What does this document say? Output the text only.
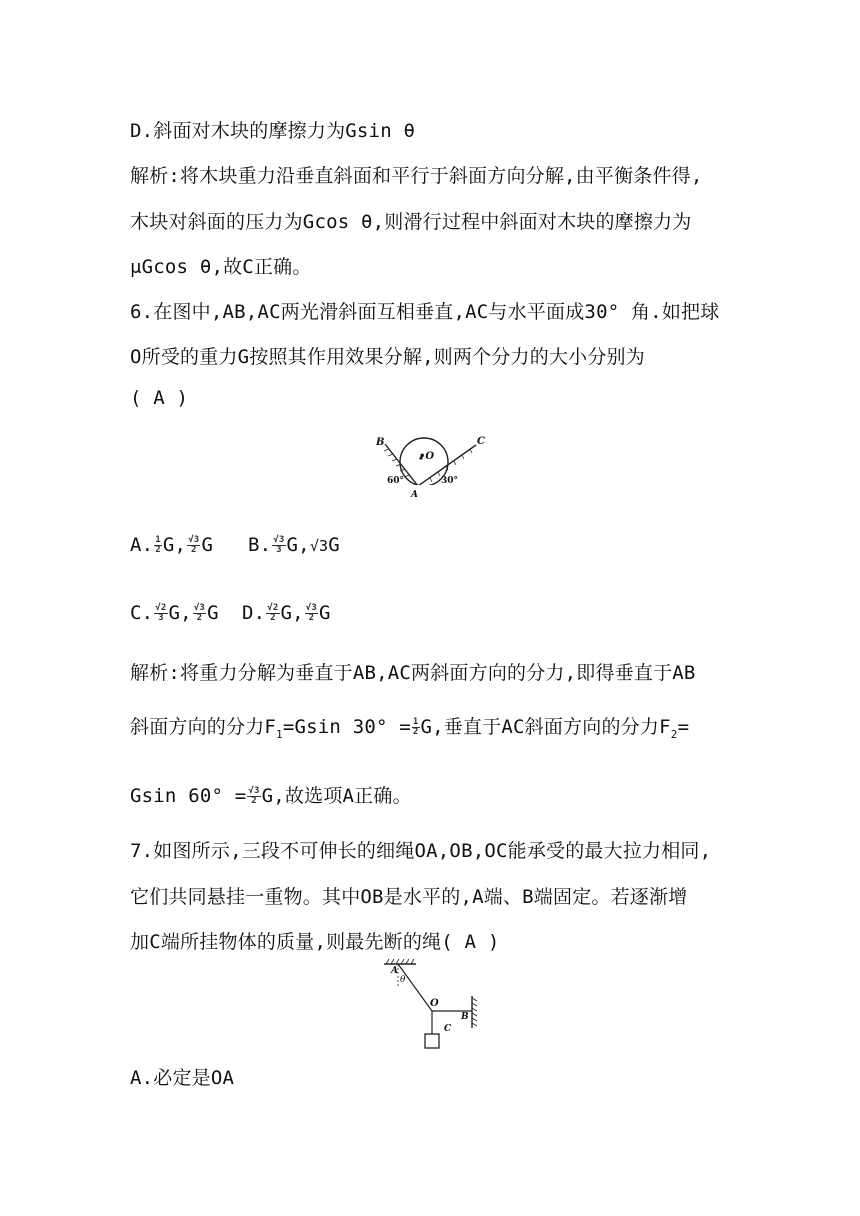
D.斜面对木块的摩擦力为Gsin θ
解析:将木块重力沿垂直斜面和平行于斜面方向分解,由平衡条件得,
木块对斜面的压力为Gcos θ,则滑行过程中斜面对木块的摩擦力为
μGcos θ,故C正确。
6.在图中,AB,AC两光滑斜面互相垂直,AC与水平面成30° 角.如把球
O所受的重力G按照其作用效果分解,则两个分力的大小分别为
( A )
B	C
•O
A
60°	30°
A. $\frac{1}{2} G$, $\frac{√3}{2}$ G B. $\frac{√3}{3} G,√3G$
C. $\frac{√2}{3} G$, $\frac{√3}{2}$ G D. $\frac{√2}{2} G$, $\frac{√3}{2}$ G
解析:将重力分解为垂直于AB,AC两斜面方向的分力,即得垂直于AB
斜面方向的分力$F_1=Gsin$ $30^\circ = \frac{1}{2} G$,垂直于AC斜面方向的分力$F_2=$
Gsin $60^\circ = \frac{√3}{2} G$,故选项A正确。
7.如图所示,三段不可伸长的细绳OA,OB,OC能承受的最大拉力相同,
它们共同悬挂一重物。其中OB是水平的,A端、B端固定。若逐渐增
加C端所挂物体的质量,则最先断的绳( A )
A
θ
O
B
C
A.必定是OA
